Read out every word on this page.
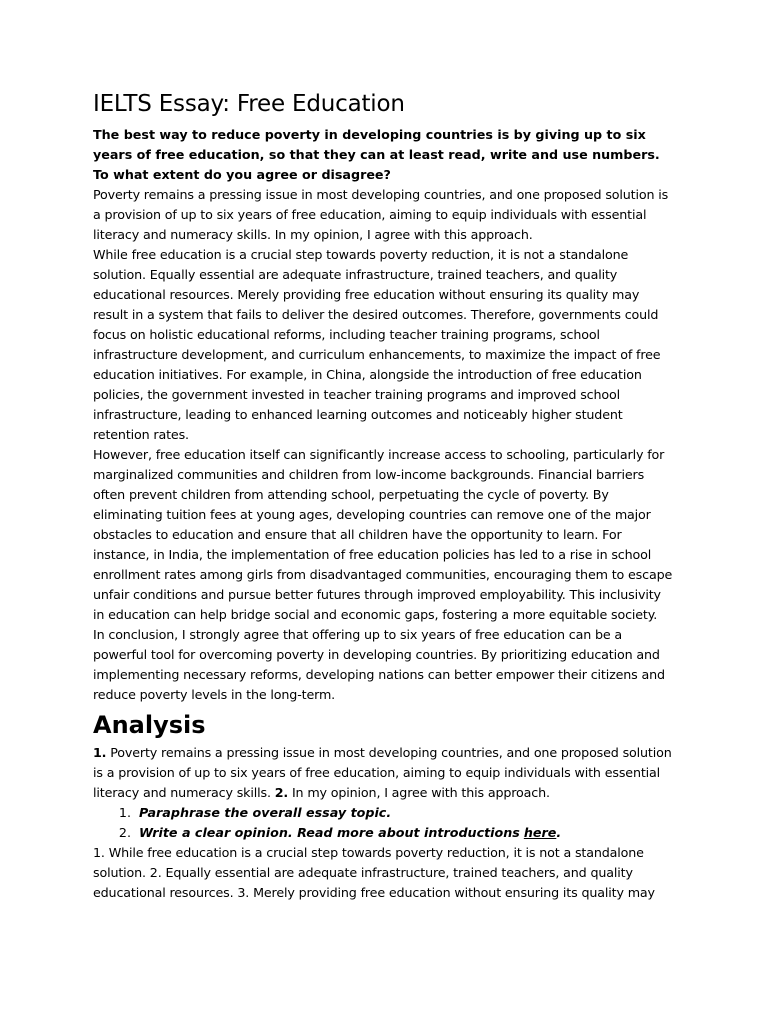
IELTS Essay: Free Education

The best way to reduce poverty in developing countries is by giving up to six years of free education, so that they can at least read, write and use numbers.

To what extent do you agree or disagree?

Poverty remains a pressing issue in most developing countries, and one proposed solution is a provision of up to six years of free education, aiming to equip individuals with essential literacy and numeracy skills. In my opinion, I agree with this approach.

While free education is a crucial step towards poverty reduction, it is not a standalone solution. Equally essential are adequate infrastructure, trained teachers, and quality educational resources. Merely providing free education without ensuring its quality may result in a system that fails to deliver the desired outcomes. Therefore, governments could focus on holistic educational reforms, including teacher training programs, school infrastructure development, and curriculum enhancements, to maximize the impact of free education initiatives. For example, in China, alongside the introduction of free education policies, the government invested in teacher training programs and improved school infrastructure, leading to enhanced learning outcomes and noticeably higher student retention rates.

However, free education itself can significantly increase access to schooling, particularly for marginalized communities and children from low-income backgrounds. Financial barriers often prevent children from attending school, perpetuating the cycle of poverty. By eliminating tuition fees at young ages, developing countries can remove one of the major obstacles to education and ensure that all children have the opportunity to learn. For instance, in India, the implementation of free education policies has led to a rise in school enrollment rates among girls from disadvantaged communities, encouraging them to escape unfair conditions and pursue better futures through improved employability. This inclusivity in education can help bridge social and economic gaps, fostering a more equitable society.

In conclusion, I strongly agree that offering up to six years of free education can be a powerful tool for overcoming poverty in developing countries. By prioritizing education and implementing necessary reforms, developing nations can better empower their citizens and reduce poverty levels in the long-term.

Analysis

1. Poverty remains a pressing issue in most developing countries, and one proposed solution is a provision of up to six years of free education, aiming to equip individuals with essential literacy and numeracy skills. 2. In my opinion, I agree with this approach.

1. Paraphrase the overall essay topic.
2. Write a clear opinion. Read more about introductions here.

1. While free education is a crucial step towards poverty reduction, it is not a standalone solution. 2. Equally essential are adequate infrastructure, trained teachers, and quality educational resources. 3. Merely providing free education without ensuring its quality may
